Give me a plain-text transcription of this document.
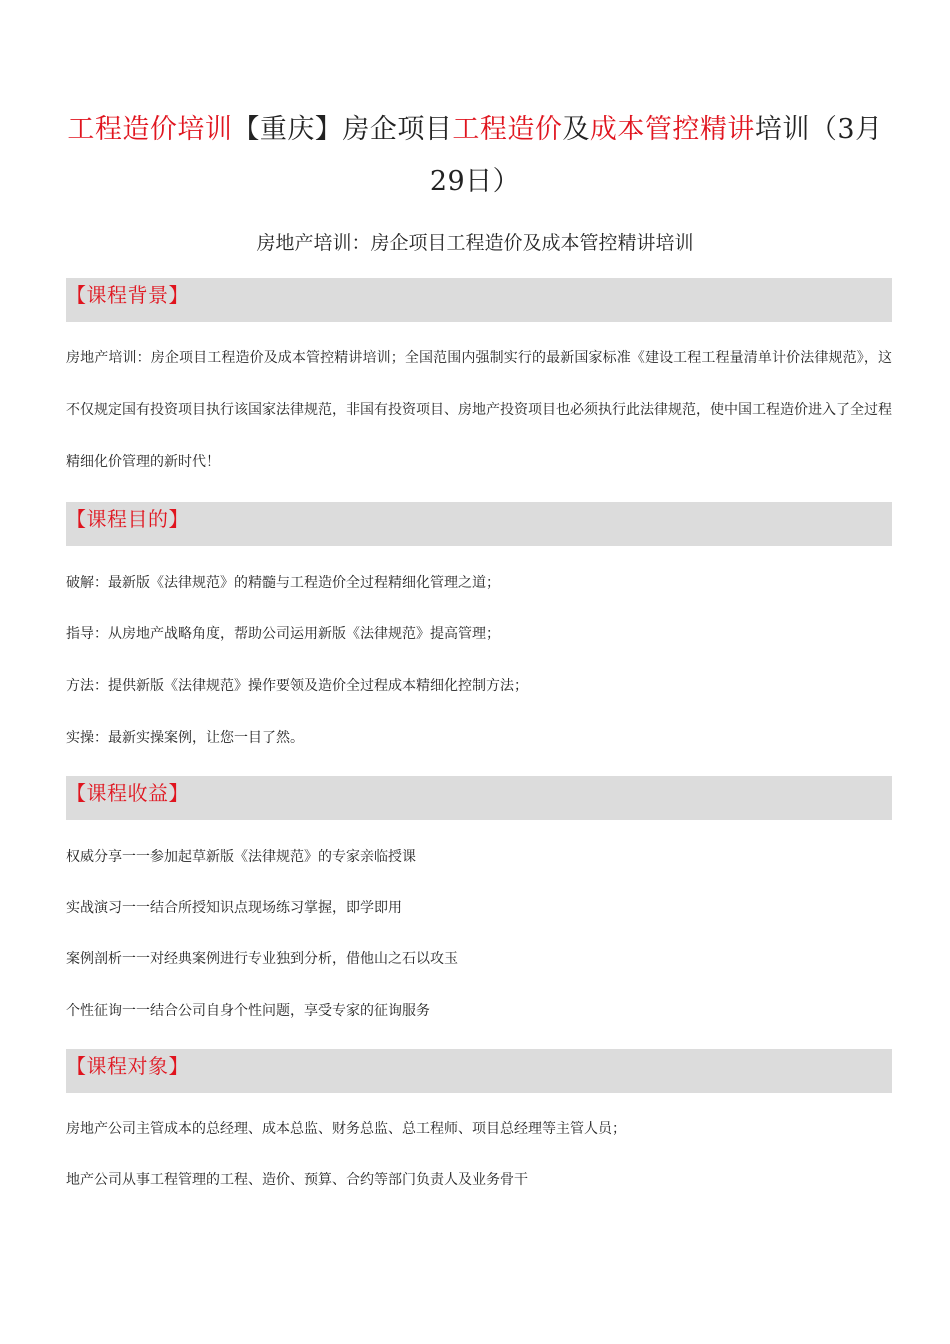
工程造价培训【重庆】房企项目工程造价及成本管控精讲培训（3月29日）
房地产培训：房企项目工程造价及成本管控精讲培训
【课程背景】

房地产培训：房企项目工程造价及成本管控精讲培训；全国范围内强制实行的最新国家标准《建设工程工程量清单计价法律规范》，这不仅规定国有投资项目执行该国家法律规范，非国有投资项目、房地产投资项目也必须执行此法律规范，使中国工程造价进入了全过程精细化价管理的新时代！

【课程目的】
破解：最新版《法律规范》的精髓与工程造价全过程精细化管理之道；
指导：从房地产战略角度，帮助公司运用新版《法律规范》提高管理；
方法：提供新版《法律规范》操作要领及造价全过程成本精细化控制方法；
实操：最新实操案例，让您一目了然。
【课程收益】
权威分享一一参加起草新版《法律规范》的专家亲临授课
实战演习一一结合所授知识点现场练习掌握，即学即用
案例剖析一一对经典案例进行专业独到分析，借他山之石以攻玉
个性征询一一结合公司自身个性问题，享受专家的征询服务
【课程对象】
房地产公司主管成本的总经理、成本总监、财务总监、总工程师、项目总经理等主管人员；
地产公司从事工程管理的工程、造价、预算、合约等部门负责人及业务骨干
